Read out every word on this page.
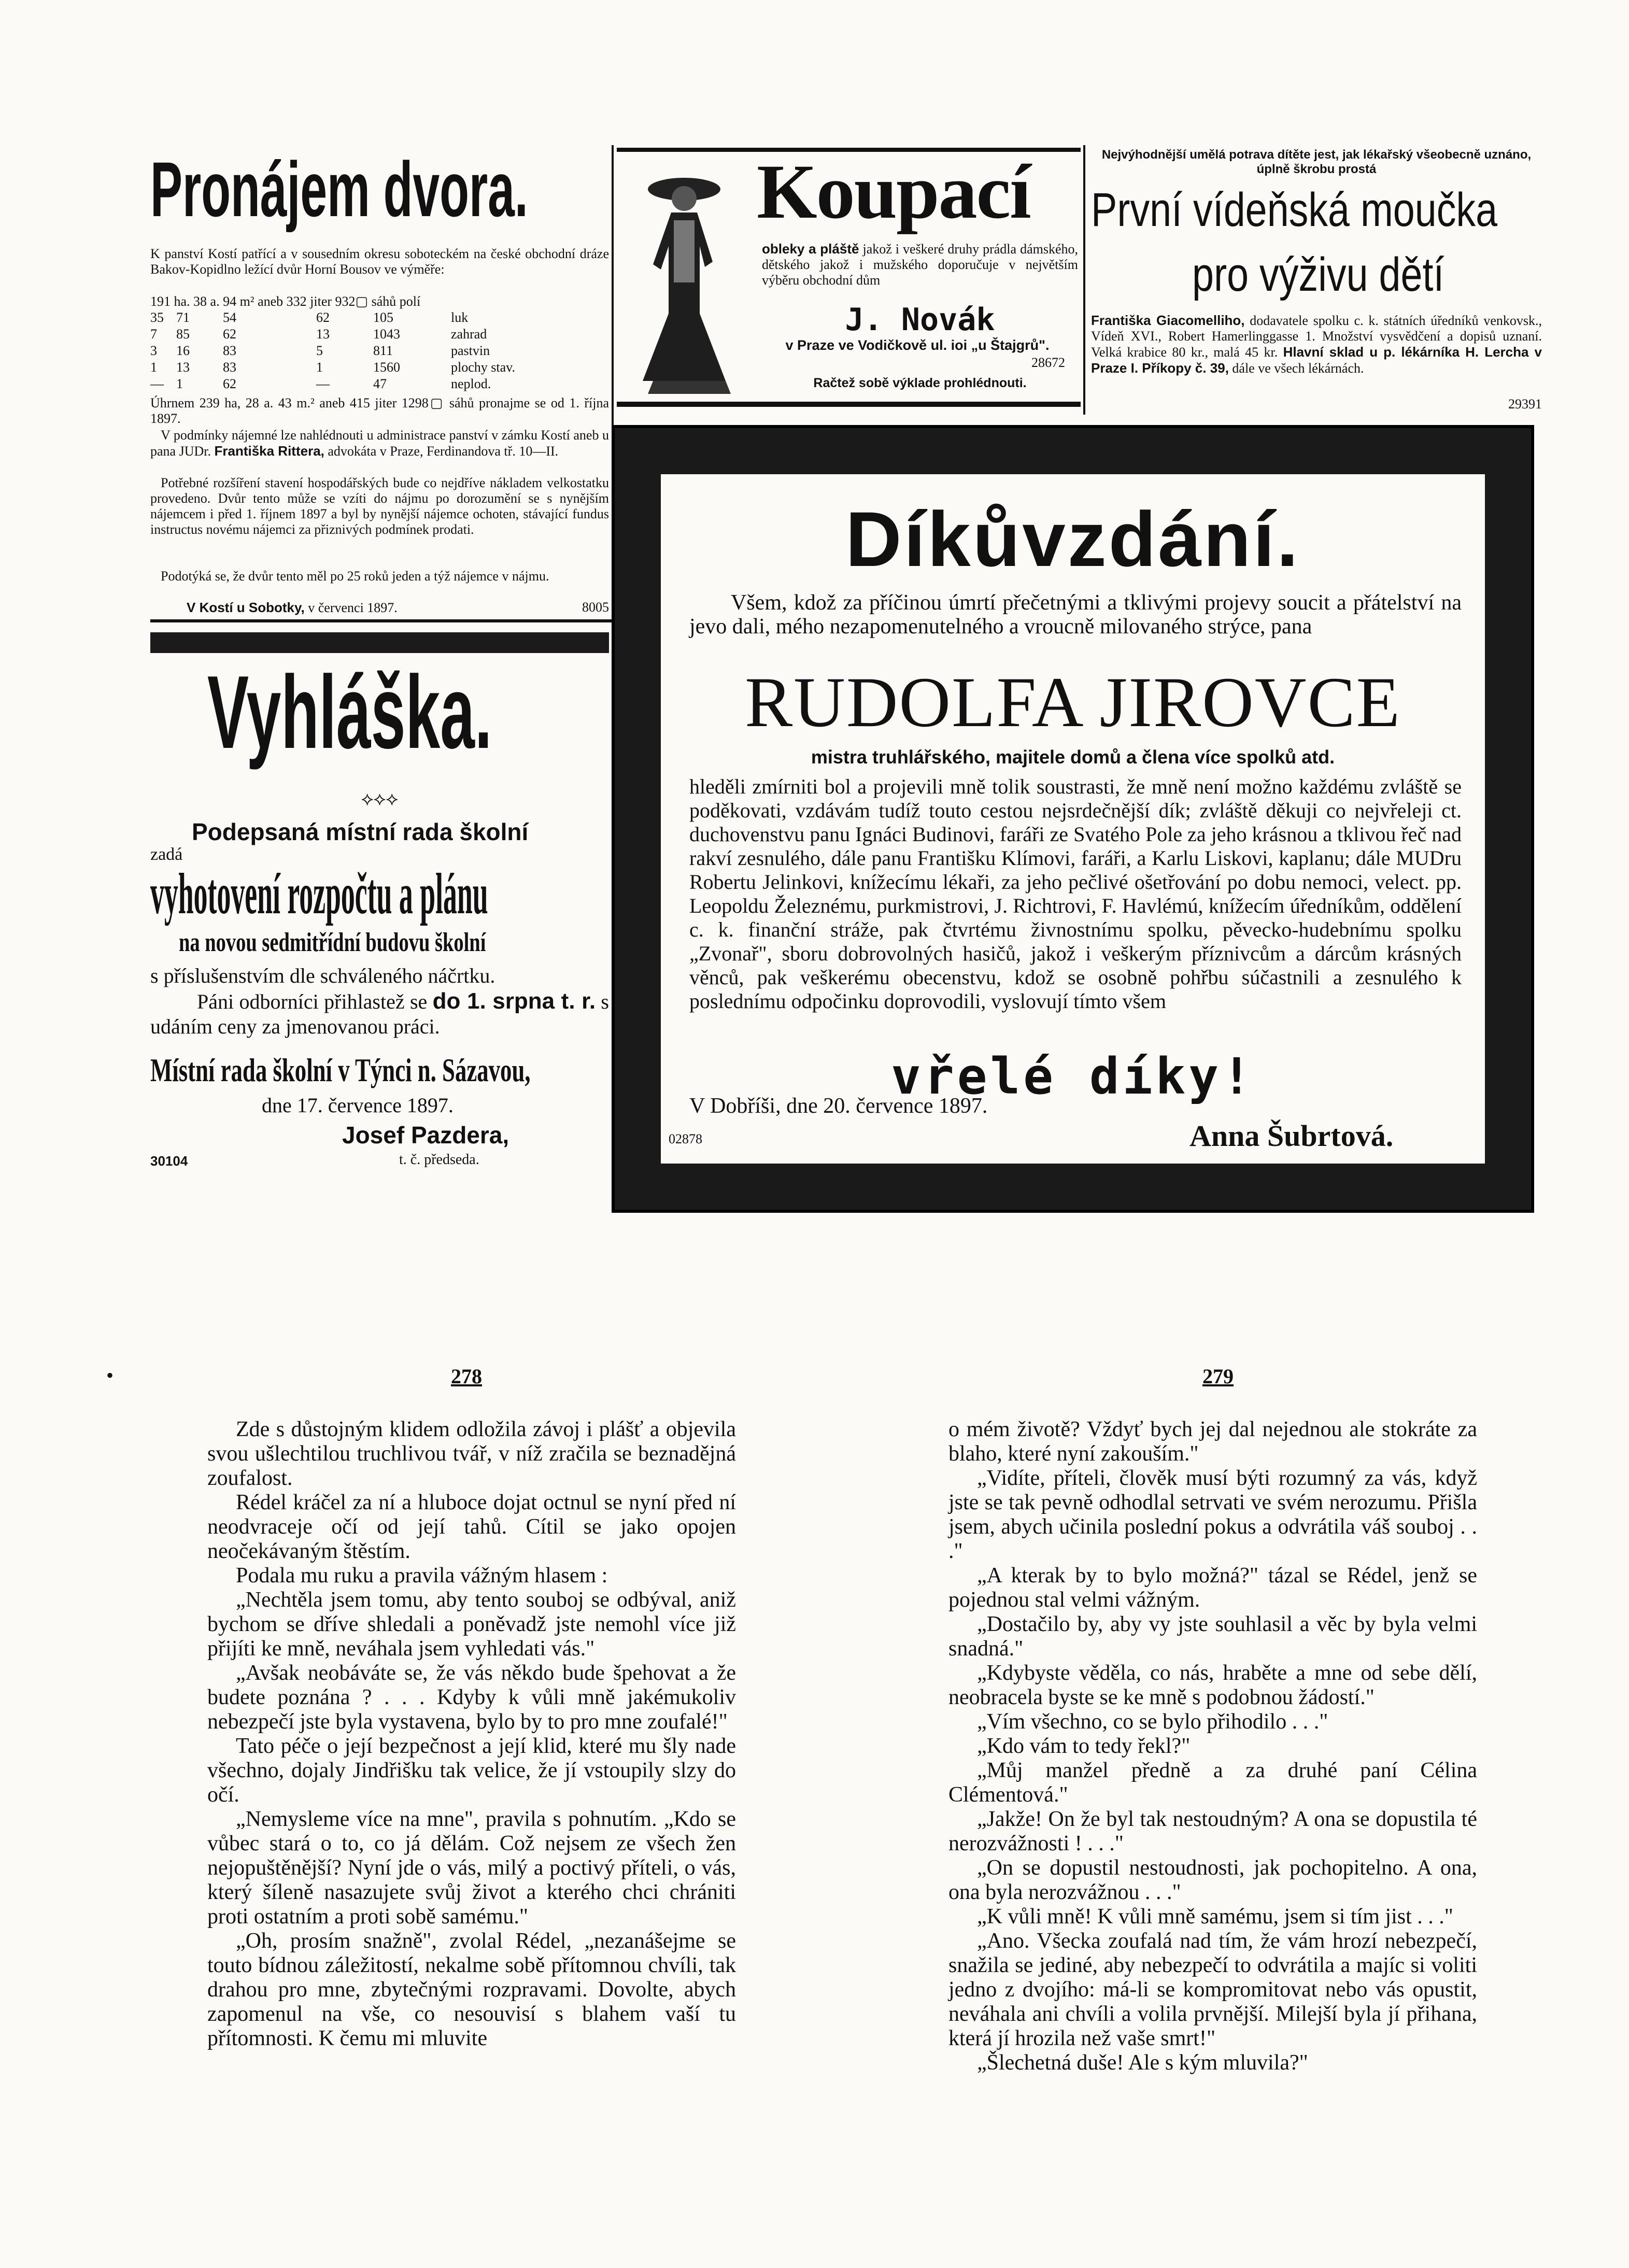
Pronájem dvora.
K panství Kostí patřící a v sousedním okresu soboteckém na české obchodní dráze Bakov-Kopidlno ležící dvůr Horní Bousov ve výměře:
191 ha. 38 a. 94 m² aneb 332 jiter 932▢ sáhů polí
35 71	54	62	105	luk
7	85	62	13	1043	zahrad
3	16	83	5	811	pastvin
1	13	83	1	1560	plochy stav.
— 1	62	—	47	neplod.
Úhrnem 239 ha, 28 a. 43 m.² aneb 415 jiter 1298▢ sáhů pronajme se od 1. října 1897.
V podmínky nájemné lze nahlédnouti u administrace panství v zámku Kostí aneb u pana JUDr. Františka Rittera, advokáta v Praze, Ferdinandova tř. 10—II.
Potřebné rozšíření stavení hospodářských bude co nejdříve nákladem velkostatku provedeno. Dvůr tento může se vzíti do nájmu po dorozumění se s nynějším nájemcem i před 1. říjnem 1897 a byl by nynější nájemce ochoten, stávající fundus instructus novému nájemci za přiznivých podmínek prodati.
Podotýká se, že dvůr tento měl po 25 roků jeden a týž nájemce v nájmu.
V Kostí u Sobotky, v červenci 1897.	8005
Koupací
obleky a pláště jakož i veškeré druhy prádla dámského, dětského jakož i mužského doporučuje v největším výběru obchodní dům
J. Novák
v Praze ve Vodičkově ul. ioi „u Štajgrů".
28672
Račtež sobě výklade prohlédnouti.
Nejvýhodnější umělá potrava dítěte jest, jak lékařský všeobecně uznáno, úplně škrobu prostá
První vídeňská moučka
pro výživu dětí
Františka Giacomelliho, dodavatele spolku c. k. státních úředníků venkovsk., Vídeň XVI., Robert Hamerlinggasse 1. Množství vysvědčení a dopisů uznaní. Velká krabice 80 kr., malá 45 kr. Hlavní sklad u p. lékárníka H. Lercha v Praze I. Příkopy č. 39, dále ve všech lékárnách.
29391
Vyhláška.
⟡⟡⟡
Podepsaná místní rada školní
zadá
vyhotovení rozpočtu a plánu
na novou sedmitřídní budovu školní
s příslušenstvím dle schváleného náčrtku.
Páni odborníci přihlastež se do 1. srpna t. r. s udáním ceny za jmenovanou práci.
Místní rada školní v Týnci n. Sázavou,
dne 17. července 1897.
Josef Pazdera,
30104	t. č. předseda.
Díkůvzdání.
Všem, kdož za příčinou úmrtí přečetnými a tklivými projevy soucit a přátelství na jevo dali, mého nezapomenutelného a vroucně milovaného strýce, pana
RUDOLFA JIROVCE
mistra truhlářského, majitele domů a člena více spolků atd.
hleděli zmírniti bol a projevili mně tolik soustrasti, že mně není možno každému zvláště se poděkovati, vzdávám tudíž touto cestou nejsrdečnější dík; zvláště děkuji co nejvřeleji ct. duchovenstvu panu Ignáci Budinovi, faráři ze Svatého Pole za jeho krásnou a tklivou řeč nad rakví zesnulého, dále panu Františku Klímovi, faráři, a Karlu Liskovi, kaplanu; dále MUDru Robertu Jelinkovi, knížecímu lékaři, za jeho pečlivé ošetřování po dobu nemoci, velect. pp. Leopoldu Železnému, purkmistrovi, J. Richtrovi, F. Havlémú, knížecím úředníkům, oddělení c. k. finanční stráže, pak čtvrtému živnostnímu spolku, pěvecko-hudebnímu spolku „Zvonař", sboru dobrovolných hasičů, jakož i veškerým příznivcům a dárcům krásných věnců, pak veškerému obecenstvu, kdož se osobně pohřbu súčastnili a zesnulého k poslednímu odpočinku doprovodili, vyslovují tímto všem
vřelé díky!
V Dobříši, dne 20. července 1897.
02878	Anna Šubrtová.
•	278	279

Zde s důstojným klidem odložila závoj i plášť a objevila svou ušlechtilou truchlivou tvář, v níž zračila se beznadějná zoufalost.

Rédel kráčel za ní a hluboce dojat octnul se nyní před ní neodvraceje očí od její tahů. Cítil se jako opojen neočekávaným štěstím.

Podala mu ruku a pravila vážným hlasem :

„Nechtěla jsem tomu, aby tento souboj se odbýval, aniž bychom se dříve shledali a poněvadž jste nemohl více již přijíti ke mně, neváhala jsem vyhledati vás."

„Avšak neobáváte se, že vás někdo bude špehovat a že budete poznána ? . . . Kdyby k vůli mně jakémukoliv nebezpečí jste byla vystavena, bylo by to pro mne zoufalé!"

Tato péče o její bezpečnost a její klid, které mu šly nade všechno, dojaly Jindřišku tak velice, že jí vstoupily slzy do očí.

„Nemysleme více na mne", pravila s pohnutím. „Kdo se vůbec stará o to, co já dělám. Což nejsem ze všech žen nejopuštěnější? Nyní jde o vás, milý a poctivý příteli, o vás, který šíleně nasazujete svůj život a kterého chci chrániti proti ostatním a proti sobě samému."

„Oh, prosím snažně", zvolal Rédel, „nezanášejme se touto bídnou záležitostí, nekalme sobě přítomnou chvíli, tak drahou pro mne, zbytečnými rozpravami. Dovolte, abych zapomenul na vše, co nesouvisí s blahem vaší tu přítomnosti. K čemu mi mluvite

o mém životě? Vždyť bych jej dal nejednou ale stokráte za blaho, které nyní zakouším."

„Vidíte, příteli, člověk musí býti rozumný za vás, když jste se tak pevně odhodlal setrvati ve svém nerozumu. Přišla jsem, abych učinila poslední pokus a odvrátila váš souboj . . ."

„A kterak by to bylo možná?" tázal se Rédel, jenž se pojednou stal velmi vážným.

„Dostačilo by, aby vy jste souhlasil a věc by byla velmi snadná."

„Kdybyste věděla, co nás, hraběte a mne od sebe dělí, neobracela byste se ke mně s podobnou žádostí."

„Vím všechno, co se bylo přihodilo . . ."

„Kdo vám to tedy řekl?"

„Můj manžel předně a za druhé paní Célina Clémentová."

„Jakže! On že byl tak nestoudným? A ona se dopustila té nerozvážnosti ! . . ."

„On se dopustil nestoudnosti, jak pochopitelno. A ona, ona byla nerozvážnou . . ."

„K vůli mně! K vůli mně samému, jsem si tím jist . . ."

„Ano. Všecka zoufalá nad tím, že vám hrozí nebezpečí, snažila se jediné, aby nebezpečí to odvrátila a majíc si voliti jedno z dvojího: má-li se kompromitovat nebo vás opustit, neváhala ani chvíli a volila prvnější. Milejší byla jí přihana, která jí hrozila než vaše smrt!"

„Šlechetná duše! Ale s kým mluvila?"
